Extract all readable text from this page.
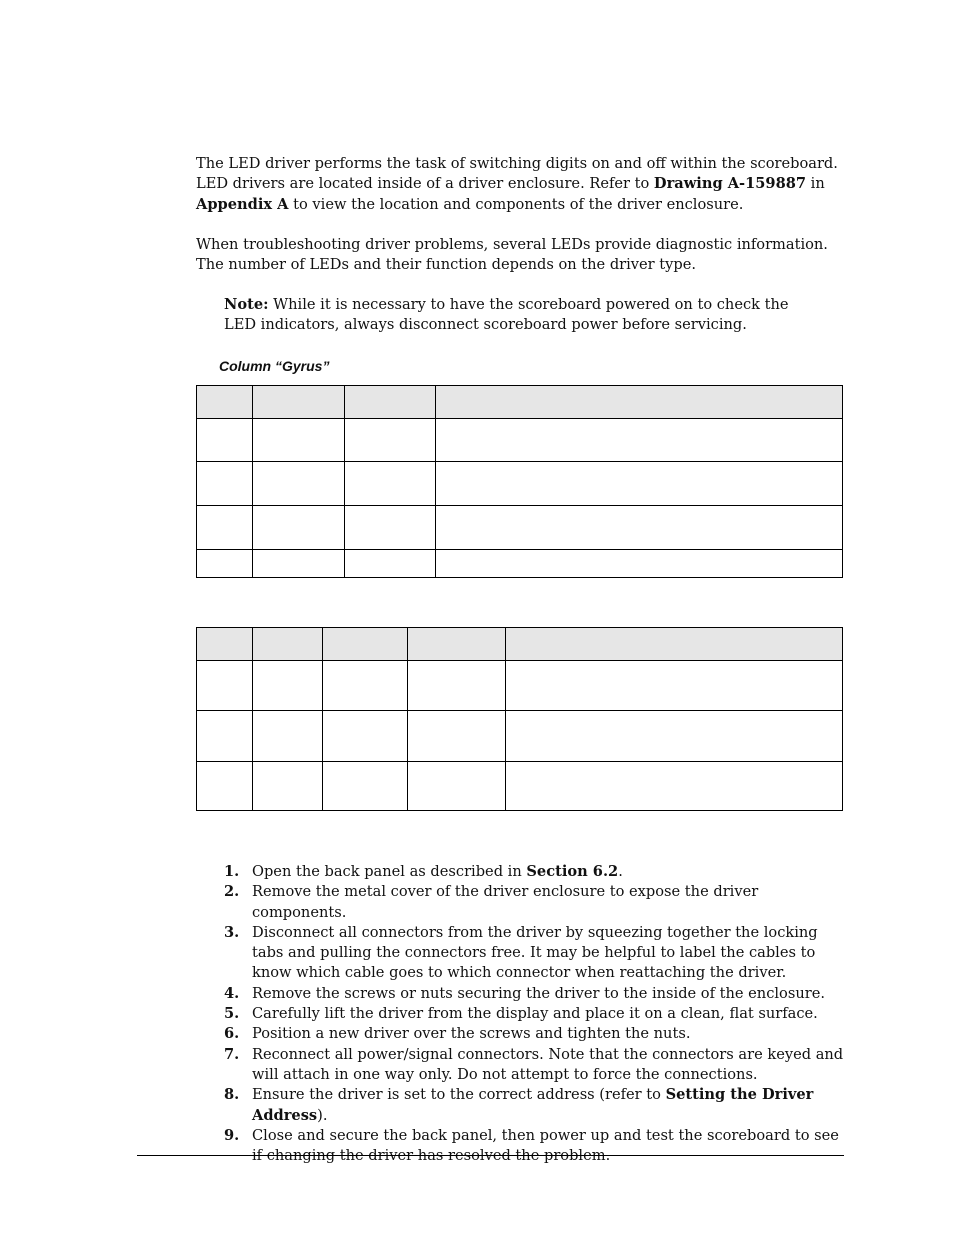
The LED driver performs the task of switching digits on and off within the scoreboard.
LED drivers are located inside of a driver enclosure. Refer to Drawing A-159887 in Appendix A to view the location and components of the driver enclosure.

When troubleshooting driver problems, several LEDs provide diagnostic information.
The number of LEDs and their function depends on the driver type.

Note: While it is necessary to have the scoreboard powered on to check the LED indicators, always disconnect scoreboard power before servicing.

Column “Gyrus”

1. Open the back panel as described in Section 6.2.
2. Remove the metal cover of the driver enclosure to expose the driver components.
3. Disconnect all connectors from the driver by squeezing together the locking tabs and pulling the connectors free. It may be helpful to label the cables to know which cable goes to which connector when reattaching the driver.
4. Remove the screws or nuts securing the driver to the inside of the enclosure.
5. Carefully lift the driver from the display and place it on a clean, flat surface.
6. Position a new driver over the screws and tighten the nuts.
7. Reconnect all power/signal connectors. Note that the connectors are keyed and will attach in one way only. Do not attempt to force the connections.
8. Ensure the driver is set to the correct address (refer to Setting the Driver Address).
9. Close and secure the back panel, then power up and test the scoreboard to see if changing the driver has resolved the problem.
